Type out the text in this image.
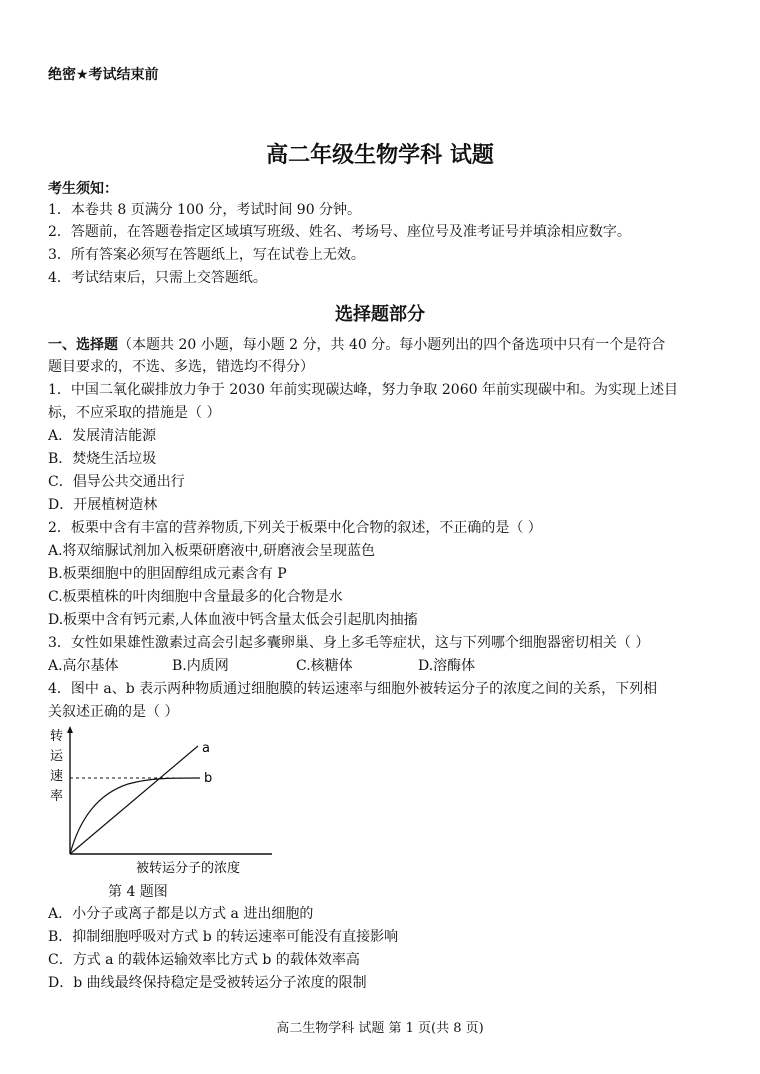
绝密★考试结束前
高二年级生物学科 试题
考生须知：
1．本卷共 8 页满分 100 分，考试时间 90 分钟。
2．答题前，在答题卷指定区域填写班级、姓名、考场号、座位号及准考证号并填涂相应数字。
3．所有答案必须写在答题纸上，写在试卷上无效。
4．考试结束后，只需上交答题纸。
选择题部分
一、选择题（本题共 20 小题，每小题 2 分，共 40 分。每小题列出的四个备选项中只有一个是符合
题目要求的，不选、多选，错选均不得分）
1．中国二氧化碳排放力争于 2030 年前实现碳达峰，努力争取 2060 年前实现碳中和。为实现上述目
标，不应采取的措施是（ ）
A．发展清洁能源
B．焚烧生活垃圾
C．倡导公共交通出行
D．开展植树造林
2．板栗中含有丰富的营养物质,下列关于板栗中化合物的叙述，不正确的是（ ）
A.将双缩脲试剂加入板栗研磨液中,研磨液会呈现蓝色
B.板栗细胞中的胆固醇组成元素含有 P
C.板栗植株的叶肉细胞中含量最多的化合物是水
D.板栗中含有钙元素,人体血液中钙含量太低会引起肌肉抽搐
3．女性如果雄性激素过高会引起多囊卵巢、身上多毛等症状，这与下列哪个细胞器密切相关（ ）
A.高尔基体	B.内质网	C.核糖体	D.溶酶体
4．图中 a、b 表示两种物质通过细胞膜的转运速率与细胞外被转运分子的浓度之间的关系，下列相
关叙述正确的是（ ）
转
运
速
率
a
b
被转运分子的浓度
第 4 题图
A．小分子或离子都是以方式 a 进出细胞的
B．抑制细胞呼吸对方式 b 的转运速率可能没有直接影响
C．方式 a 的载体运输效率比方式 b 的载体效率高
D．b 曲线最终保持稳定是受被转运分子浓度的限制
高二生物学科 试题 第 1 页(共 8 页)
